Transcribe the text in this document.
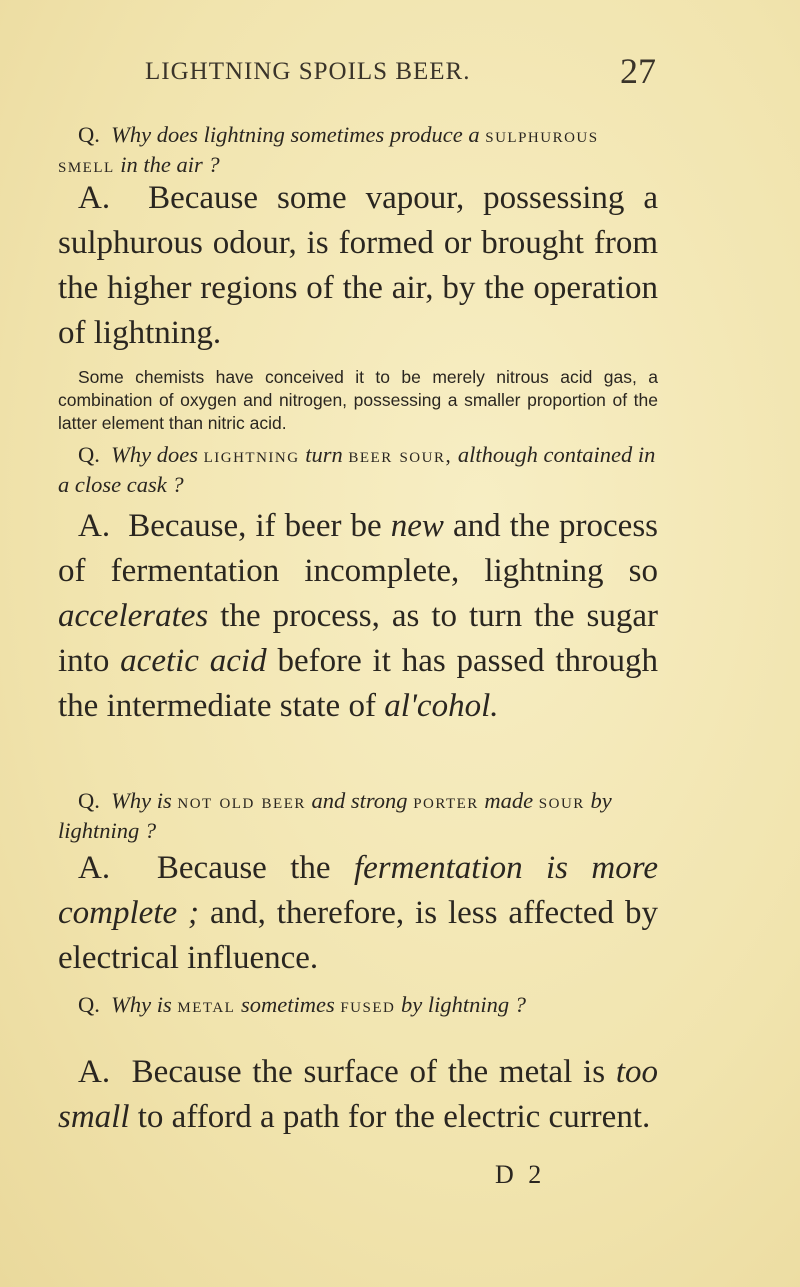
LIGHTNING SPOILS BEER.	27
Q. Why does lightning sometimes produce a sulphurous smell in the air ?
A. Because some vapour, possessing a sulphurous odour, is formed or brought from the higher regions of the air, by the operation of lightning.
Some chemists have conceived it to be merely nitrous acid gas, a combination of oxygen and nitrogen, possessing a smaller proportion of the latter element than nitric acid.
Q. Why does lightning turn beer sour, although contained in a close cask ?
A. Because, if beer be new and the process of fermentation incomplete, lightning so accelerates the process, as to turn the sugar into acetic acid before it has passed through the intermediate state of al'cohol.
Q. Why is not old beer and strong porter made sour by lightning ?
A. Because the fermentation is more complete ; and, therefore, is less affected by electrical influence.
Q. Why is metal sometimes fused by lightning ?
A. Because the surface of the metal is too small to afford a path for the electric current.
D 2
